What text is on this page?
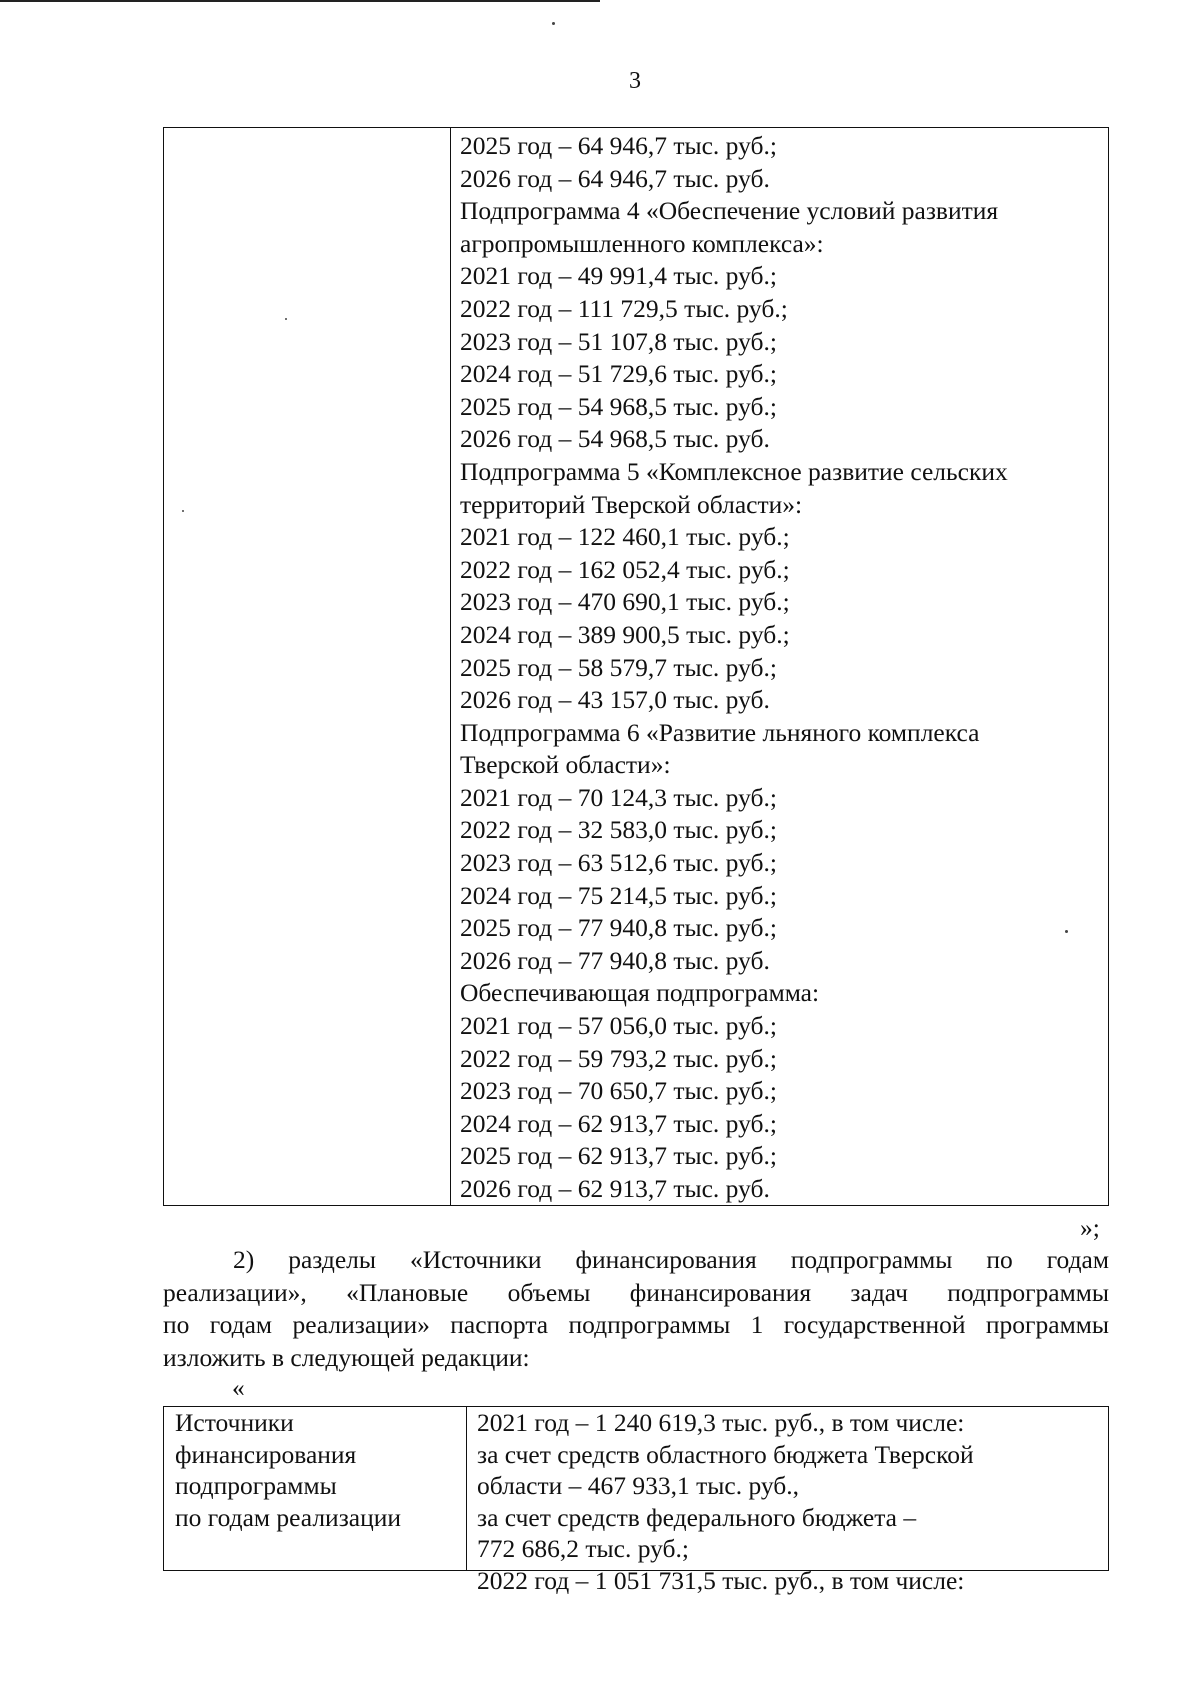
3
2025 год – 64 946,7 тыс. руб.;
2026 год – 64 946,7 тыс. руб.
Подпрограмма 4 «Обеспечение условий развития
агропромышленного комплекса»:
2021 год – 49 991,4 тыс. руб.;
2022 год – 111 729,5 тыс. руб.;
2023 год – 51 107,8 тыс. руб.;
2024 год – 51 729,6 тыс. руб.;
2025 год – 54 968,5 тыс. руб.;
2026 год – 54 968,5 тыс. руб.
Подпрограмма 5 «Комплексное развитие сельских
территорий Тверской области»:
2021 год – 122 460,1 тыс. руб.;
2022 год – 162 052,4 тыс. руб.;
2023 год – 470 690,1 тыс. руб.;
2024 год – 389 900,5 тыс. руб.;
2025 год – 58 579,7 тыс. руб.;
2026 год – 43 157,0 тыс. руб.
Подпрограмма 6 «Развитие льняного комплекса
Тверской области»:
2021 год – 70 124,3 тыс. руб.;
2022 год – 32 583,0 тыс. руб.;
2023 год – 63 512,6 тыс. руб.;
2024 год – 75 214,5 тыс. руб.;
2025 год – 77 940,8 тыс. руб.;
2026 год – 77 940,8 тыс. руб.
Обеспечивающая подпрограмма:
2021 год – 57 056,0 тыс. руб.;
2022 год – 59 793,2 тыс. руб.;
2023 год – 70 650,7 тыс. руб.;
2024 год – 62 913,7 тыс. руб.;
2025 год – 62 913,7 тыс. руб.;
2026 год – 62 913,7 тыс. руб.
»;
2) разделы «Источники финансирования подпрограммы по годам
реализации», «Плановые объемы финансирования задач подпрограммы
по годам реализации» паспорта подпрограммы 1 государственной программы
изложить в следующей редакции:
«
Источники
финансирования
подпрограммы
по годам реализации
2021 год – 1 240 619,3 тыс. руб., в том числе:
за счет средств областного бюджета Тверской
области – 467 933,1 тыс. руб.,
за счет средств федерального бюджета –
772 686,2 тыс. руб.;
2022 год – 1 051 731,5 тыс. руб., в том числе:
